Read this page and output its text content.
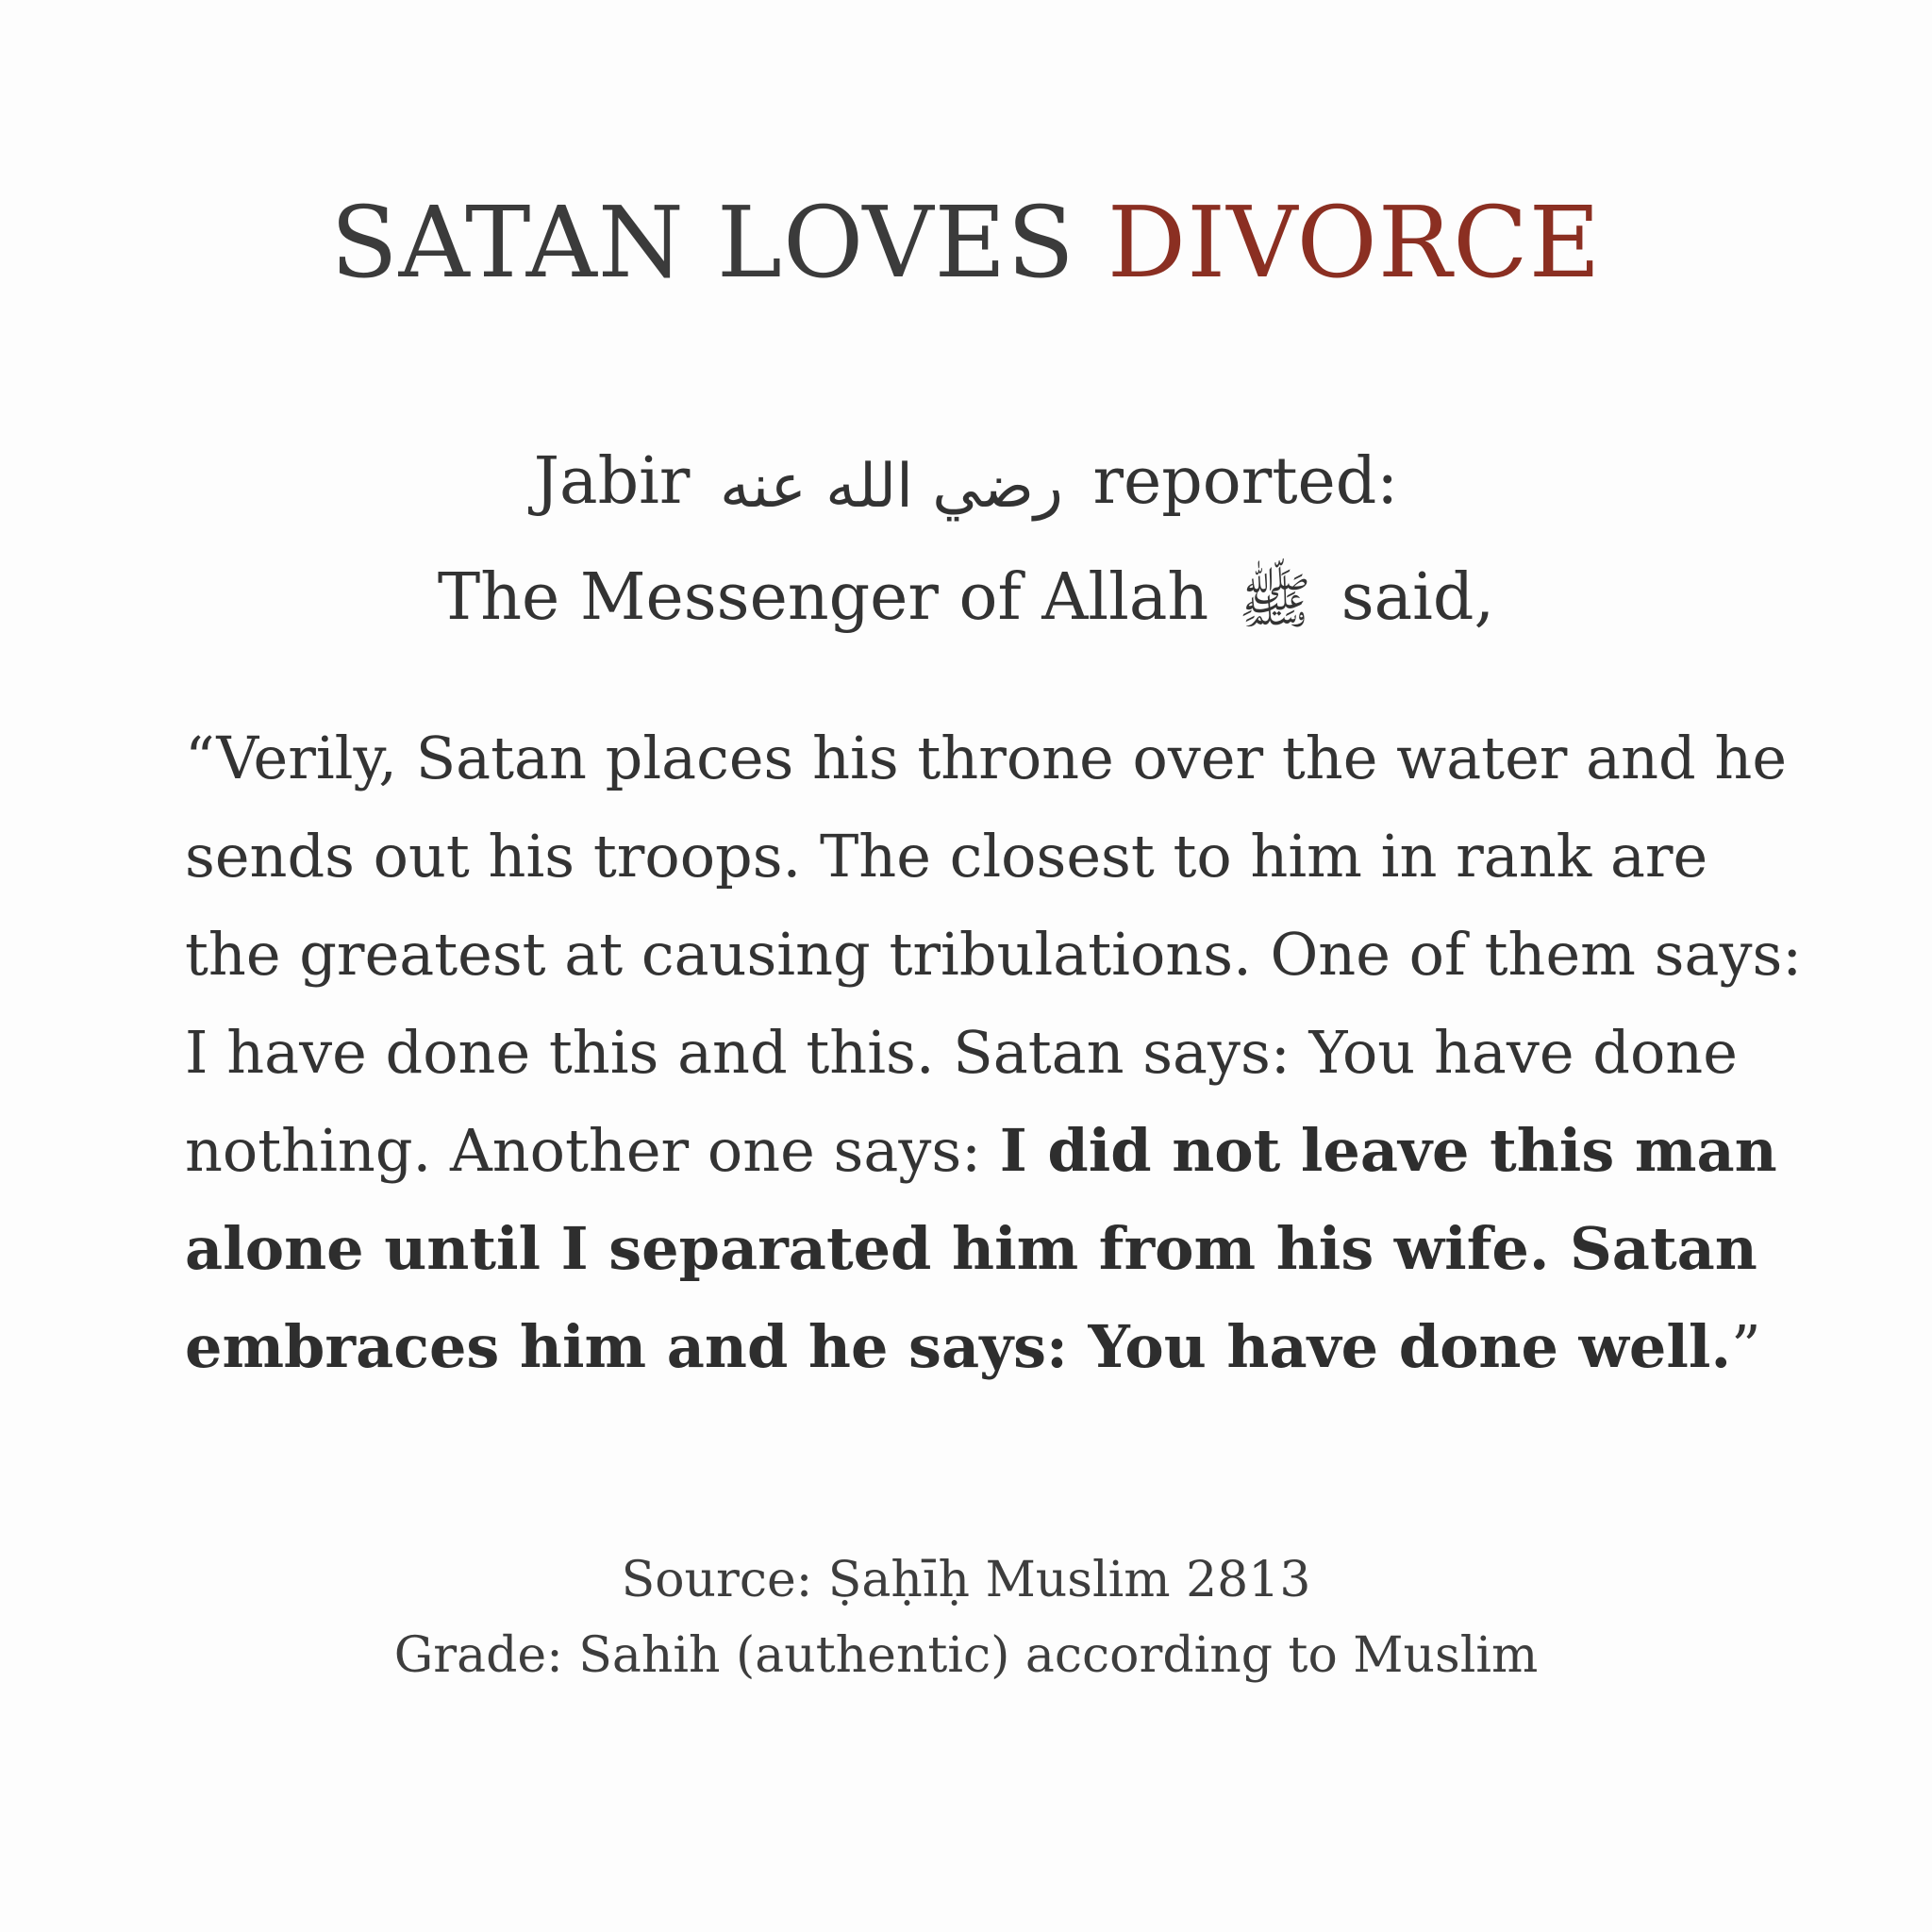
SATAN LOVES DIVORCE
Jabir رضي الله عنه reported:
The Messenger of Allah ﷺ said,
“Verily, Satan places his throne over the water and he
sends out his troops. The closest to him in rank are
the greatest at causing tribulations. One of them says:
I have done this and this. Satan says: You have done
nothing. Another one says: I did not leave this man
alone until I separated him from his wife. Satan
embraces him and he says: You have done well.”
Source: Ṣaḥīḥ Muslim 2813
Grade: Sahih (authentic) according to Muslim
